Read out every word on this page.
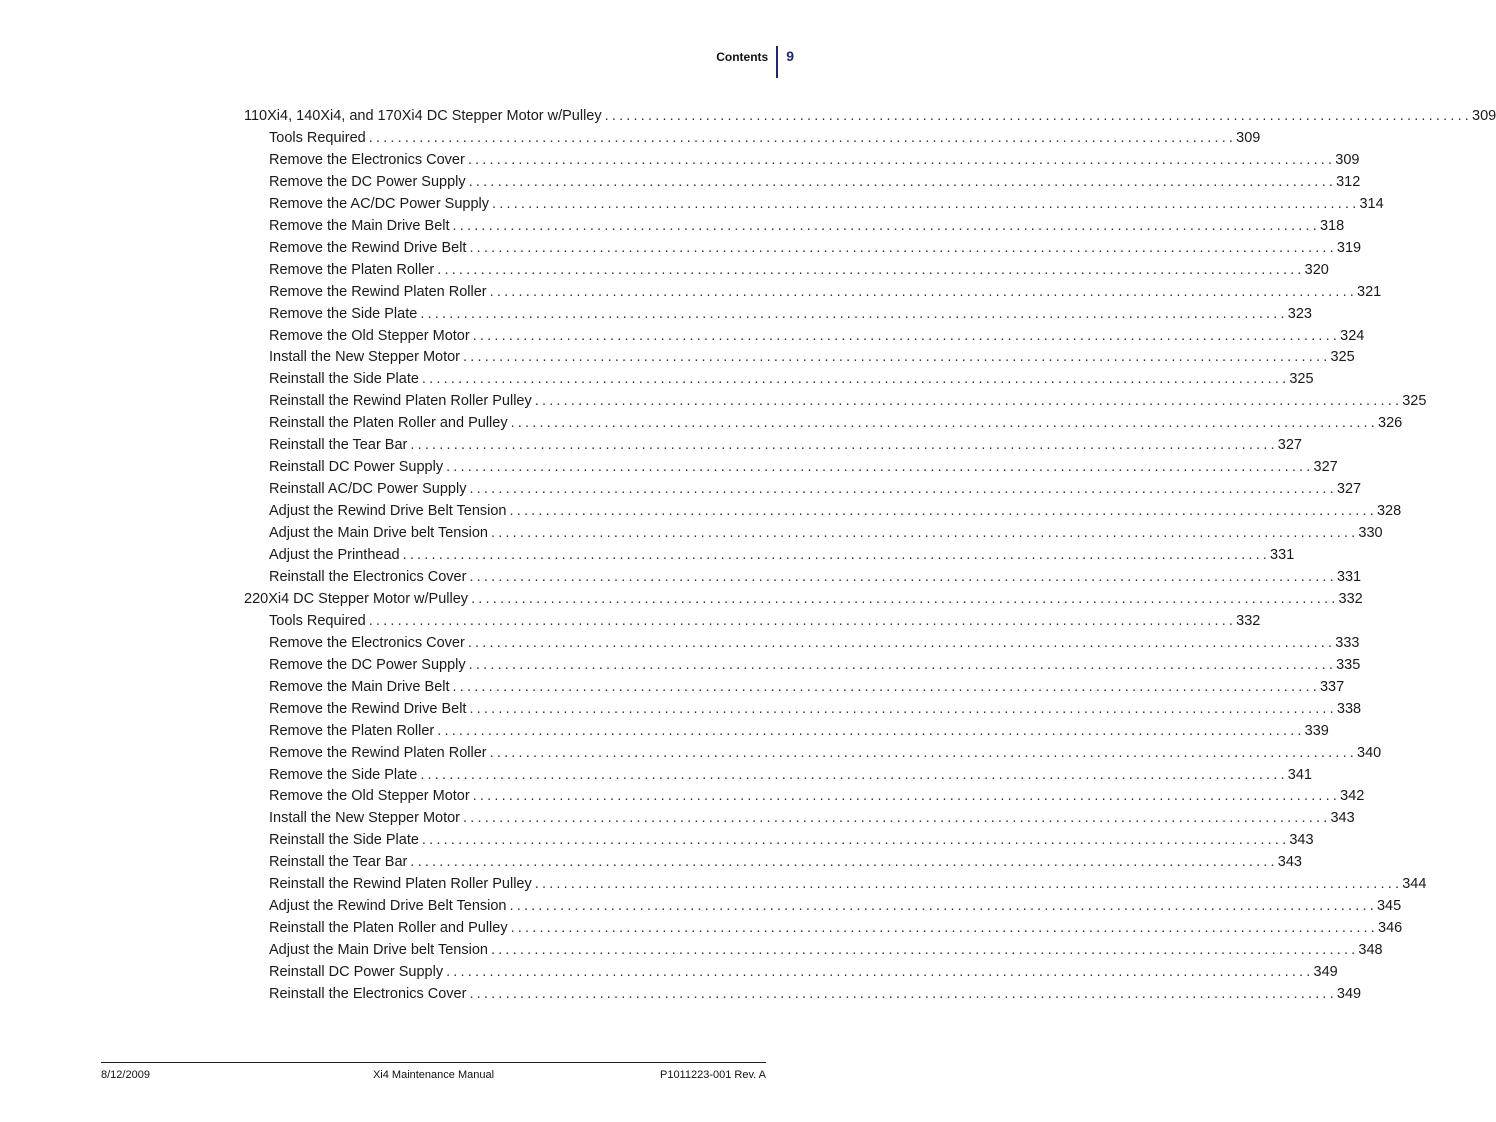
Contents	9
110Xi4, 140Xi4, and 170Xi4 DC Stepper Motor w/Pulley ........................................................................................................................ 309
Tools Required ........................................................................................................................ 309
Remove the Electronics Cover ........................................................................................................................ 309
Remove the DC Power Supply ........................................................................................................................ 312
Remove the AC/DC Power Supply ........................................................................................................................ 314
Remove the Main Drive Belt ........................................................................................................................ 318
Remove the Rewind Drive Belt ........................................................................................................................ 319
Remove the Platen Roller ........................................................................................................................ 320
Remove the Rewind Platen Roller ........................................................................................................................ 321
Remove the Side Plate ........................................................................................................................ 323
Remove the Old Stepper Motor ........................................................................................................................ 324
Install the New Stepper Motor ........................................................................................................................ 325
Reinstall the Side Plate ........................................................................................................................ 325
Reinstall the Rewind Platen Roller Pulley ........................................................................................................................ 325
Reinstall the Platen Roller and Pulley ........................................................................................................................ 326
Reinstall the Tear Bar ........................................................................................................................ 327
Reinstall DC Power Supply ........................................................................................................................ 327
Reinstall AC/DC Power Supply ........................................................................................................................ 327
Adjust the Rewind Drive Belt Tension ........................................................................................................................ 328
Adjust the Main Drive belt Tension ........................................................................................................................ 330
Adjust the Printhead ........................................................................................................................ 331
Reinstall the Electronics Cover ........................................................................................................................ 331
220Xi4 DC Stepper Motor w/Pulley ........................................................................................................................ 332
Tools Required ........................................................................................................................ 332
Remove the Electronics Cover ........................................................................................................................ 333
Remove the DC Power Supply ........................................................................................................................ 335
Remove the Main Drive Belt ........................................................................................................................ 337
Remove the Rewind Drive Belt ........................................................................................................................ 338
Remove the Platen Roller ........................................................................................................................ 339
Remove the Rewind Platen Roller ........................................................................................................................ 340
Remove the Side Plate ........................................................................................................................ 341
Remove the Old Stepper Motor ........................................................................................................................ 342
Install the New Stepper Motor ........................................................................................................................ 343
Reinstall the Side Plate ........................................................................................................................ 343
Reinstall the Tear Bar ........................................................................................................................ 343
Reinstall the Rewind Platen Roller Pulley ........................................................................................................................ 344
Adjust the Rewind Drive Belt Tension ........................................................................................................................ 345
Reinstall the Platen Roller and Pulley ........................................................................................................................ 346
Adjust the Main Drive belt Tension ........................................................................................................................ 348
Reinstall DC Power Supply ........................................................................................................................ 349
Reinstall the Electronics Cover ........................................................................................................................ 349
8/12/2009	Xi4 Maintenance Manual	P1011223-001 Rev. A
